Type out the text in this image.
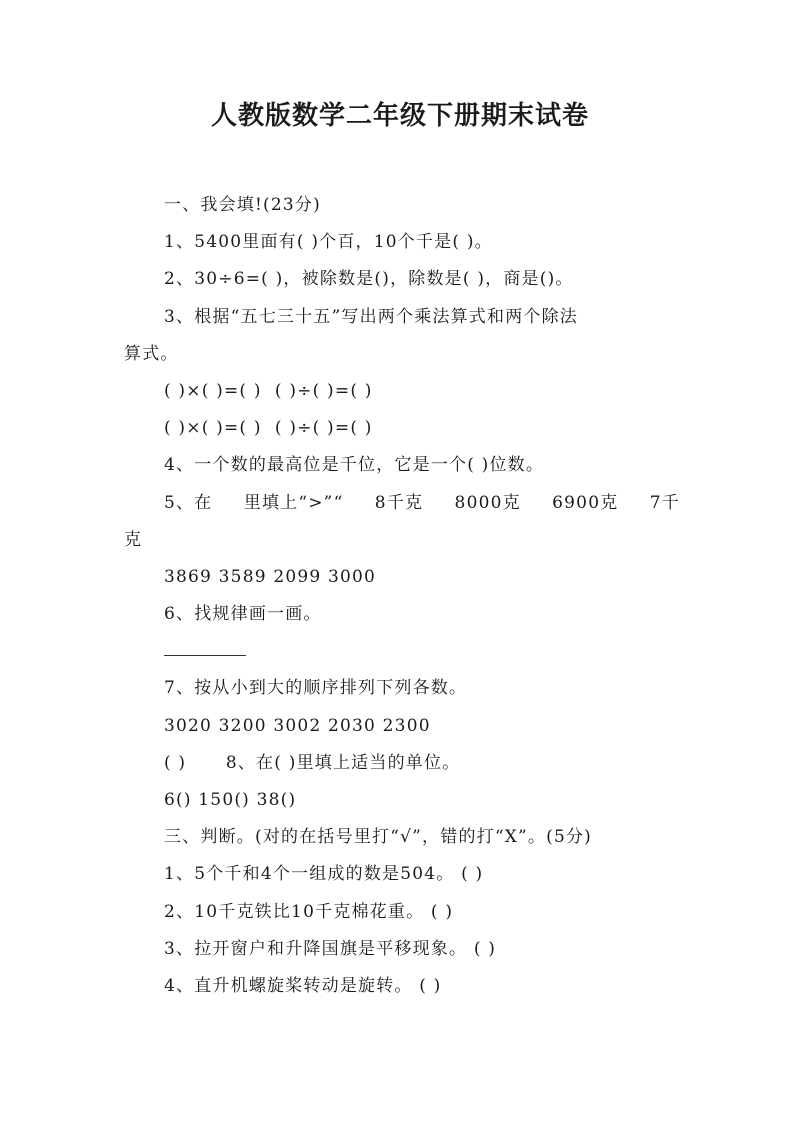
人教版数学二年级下册期末试卷
一、我会填!(23分)
1、5400里面有( )个百，10个千是( )。
2、30÷6=( )，被除数是()，除数是( )，商是()。
3、根据“五七三十五”写出两个乘法算式和两个除法
算式。
( )×( )=( )  ( )÷( )=( )
( )×( )=( )  ( )÷( )=( )
4、一个数的最高位是千位，它是一个( )位数。
5、在 里填上“>”“ 8千克 8000克 6900克 7千
克
3869 3589 2099 3000
6、找规律画一画。
7、按从小到大的顺序排列下列各数。
3020 3200 3002 2030 2300
( )      8、在( )里填上适当的单位。
6() 150() 38()
三、判断。(对的在括号里打“√”，错的打“X”。(5分)
1、5个千和4个一组成的数是504。 ( )
2、10千克铁比10千克棉花重。 ( )
3、拉开窗户和升降国旗是平移现象。 ( )
4、直升机螺旋桨转动是旋转。 ( )
